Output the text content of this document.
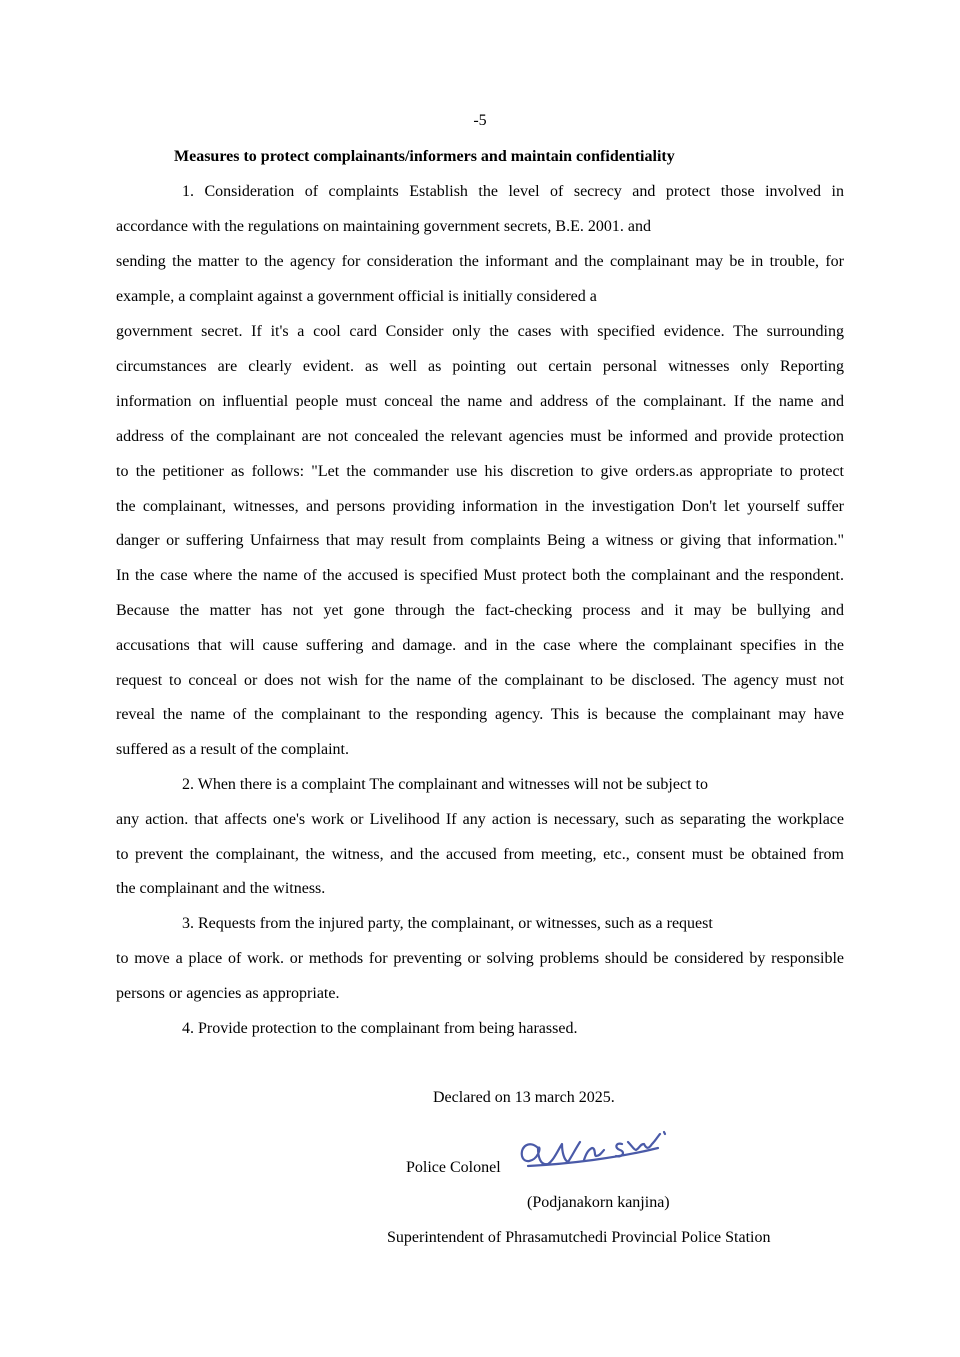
-5
Measures to protect complainants/informers and maintain confidentiality
1. Consideration of complaints Establish the level of secrecy and protect those involved in
accordance with the regulations on maintaining government secrets, B.E. 2001. and
sending the matter to the agency for consideration the informant and the complainant may be in trouble, for
example, a complaint against a government official is initially considered a
government secret. If it's a cool card Consider only the cases with specified evidence. The surrounding
circumstances are clearly evident. as well as pointing out certain personal witnesses only Reporting
information on influential people must conceal the name and address of the complainant. If the name and
address of the complainant are not concealed the relevant agencies must be informed and provide protection
to the petitioner as follows: "Let the commander use his discretion to give orders.as appropriate to protect
the complainant, witnesses, and persons providing information in the investigation Don't let yourself suffer
danger or suffering Unfairness that may result from complaints Being a witness or giving that information."
In the case where the name of the accused is specified Must protect both the complainant and the respondent.
Because the matter has not yet gone through the fact-checking process and it may be bullying and
accusations that will cause suffering and damage. and in the case where the complainant specifies in the
request to conceal or does not wish for the name of the complainant to be disclosed. The agency must not
reveal the name of the complainant to the responding agency. This is because the complainant may have
suffered as a result of the complaint.
2. When there is a complaint The complainant and witnesses will not be subject to
any action. that affects one's work or Livelihood If any action is necessary, such as separating the workplace
to prevent the complainant, the witness, and the accused from meeting, etc., consent must be obtained from
the complainant and the witness.
3. Requests from the injured party, the complainant, or witnesses, such as a request
to move a place of work. or methods for preventing or solving problems should be considered by responsible
persons or agencies as appropriate.
4. Provide protection to the complainant from being harassed.
Declared on 13 march 2025.
Police Colonel
(Podjanakorn kanjina)
Superintendent of Phrasamutchedi Provincial Police Station
